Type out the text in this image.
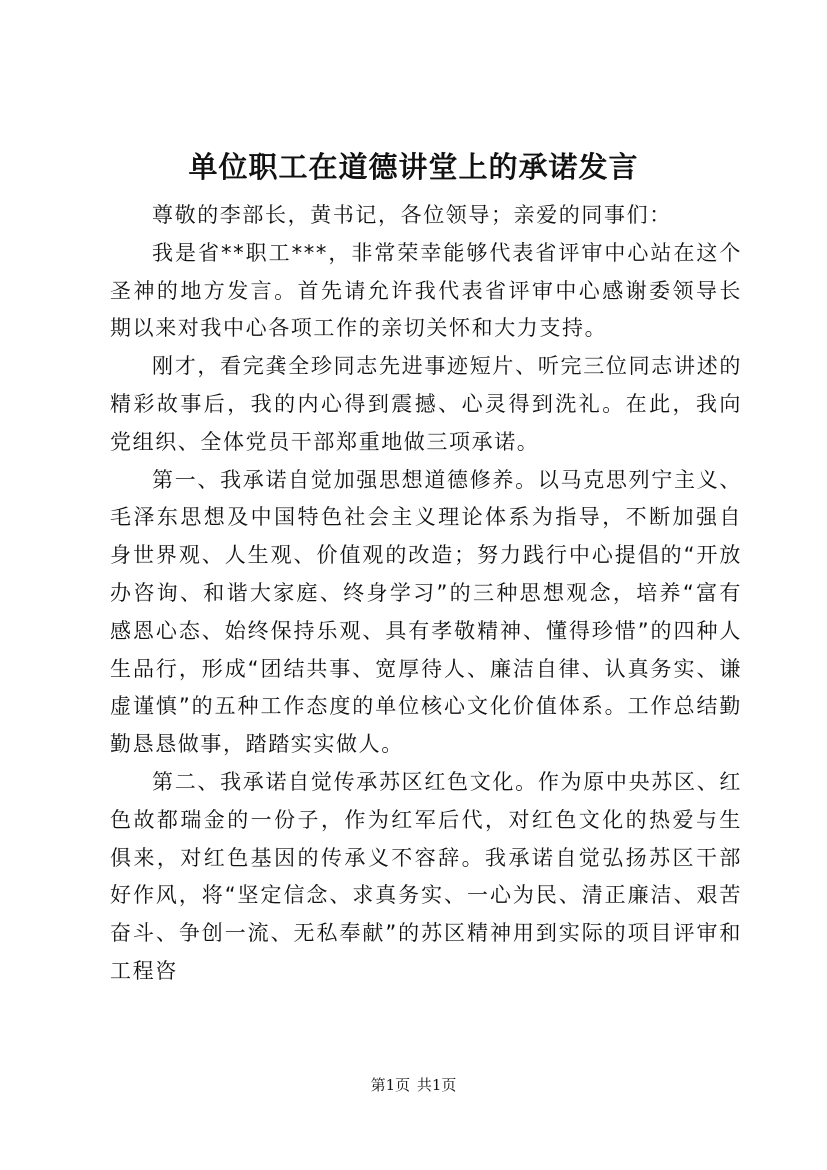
单位职工在道德讲堂上的承诺发言

尊敬的李部长，黄书记，各位领导；亲爱的同事们：

我是省**职工***，非常荣幸能够代表省评审中心站在这个圣神的地方发言。首先请允许我代表省评审中心感谢委领导长期以来对我中心各项工作的亲切关怀和大力支持。

刚才，看完龚全珍同志先进事迹短片、听完三位同志讲述的精彩故事后，我的内心得到震撼、心灵得到洗礼。在此，我向党组织、全体党员干部郑重地做三项承诺。

第一、我承诺自觉加强思想道德修养。以马克思列宁主义、毛泽东思想及中国特色社会主义理论体系为指导，不断加强自身世界观、人生观、价值观的改造；努力践行中心提倡的“开放办咨询、和谐大家庭、终身学习”的三种思想观念，培养“富有感恩心态、始终保持乐观、具有孝敬精神、懂得珍惜”的四种人生品行，形成“团结共事、宽厚待人、廉洁自律、认真务实、谦虚谨慎”的五种工作态度的单位核心文化价值体系。工作总结勤勤恳恳做事，踏踏实实做人。

第二、我承诺自觉传承苏区红色文化。作为原中央苏区、红色故都瑞金的一份子，作为红军后代，对红色文化的热爱与生俱来，对红色基因的传承义不容辞。我承诺自觉弘扬苏区干部好作风，将“坚定信念、求真务实、一心为民、清正廉洁、艰苦奋斗、争创一流、无私奉献”的苏区精神用到实际的项目评审和工程咨

第1页 共1页
